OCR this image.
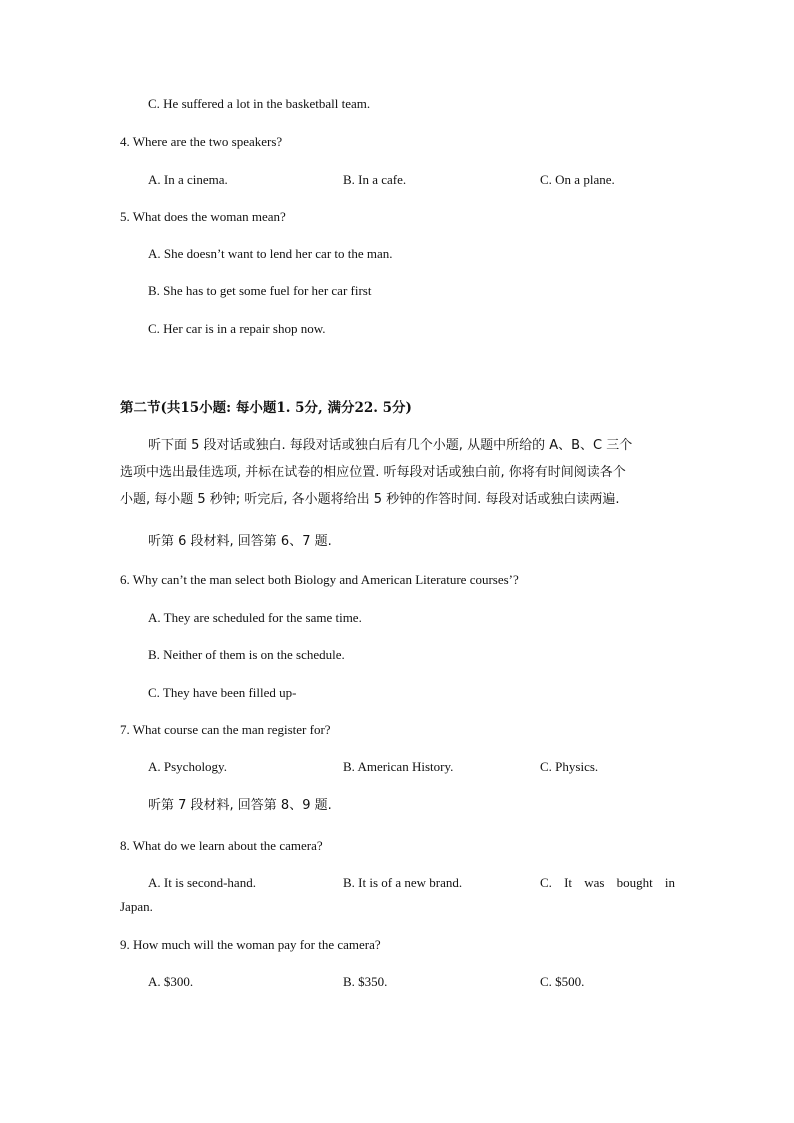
C. He suffered a lot in the basketball team.
4. Where are the two speakers?
A. In a cinema.	B. In a cafe.	C. On a plane.
5. What does the woman mean?
A. She doesn’t want to lend her car to the man.
B. She has to get some fuel for her car first
C. Her car is in a repair shop now.
第二节(共15小题: 每小题1. 5分, 满分22. 5分)
听下面 5 段对话或独白. 每段对话或独白后有几个小题, 从题中所给的 A、B、C 三个
选项中选出最佳选项, 并标在试卷的相应位置. 听每段对话或独白前, 你将有时间阅读各个
小题, 每小题 5 秒钟; 听完后, 各小题将给出 5 秒钟的作答时间. 每段对话或独白读两遍.
听第 6 段材料, 回答第 6、7 题.
6. Why can’t the man select both Biology and American Literature courses’?
A. They are scheduled for the same time.
B. Neither of them is on the schedule.
C. They have been filled up-
7. What course can the man register for?
A. Psychology.	B. American History.	C. Physics.
听第 7 段材料, 回答第 8、9 题.
8. What do we learn about the camera?
A. It is second-hand.	B. It is of a new brand.	C. It was bought in
Japan.
9. How much will the woman pay for the camera?
A. $300.	B. $350.	C. $500.
